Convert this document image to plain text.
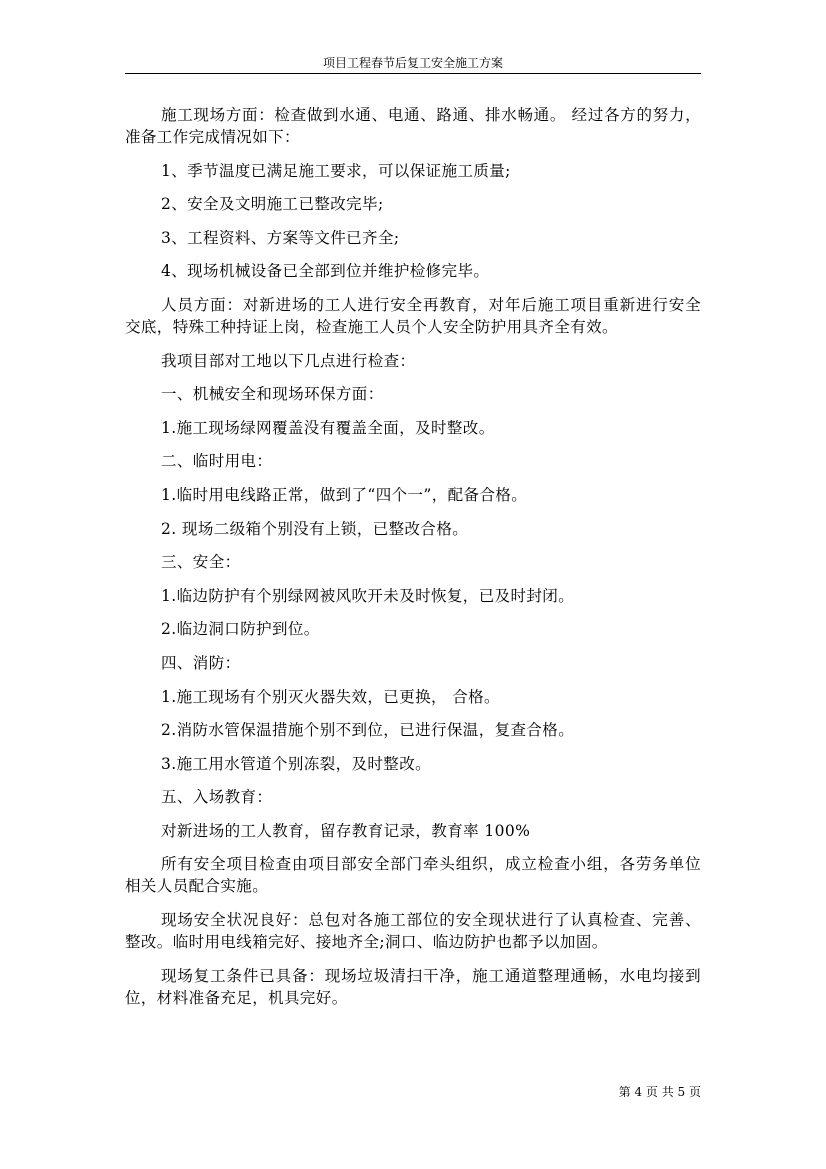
项目工程春节后复工安全施工方案

施工现场方面：检查做到水通、电通、路通、排水畅通。 经过各方的努力，准备工作完成情况如下：

1、季节温度已满足施工要求，可以保证施工质量;

2、安全及文明施工已整改完毕;

3、工程资料、方案等文件已齐全;

4、现场机械设备已全部到位并维护检修完毕。

人员方面：对新进场的工人进行安全再教育，对年后施工项目重新进行安全交底，特殊工种持证上岗，检查施工人员个人安全防护用具齐全有效。

我项目部对工地以下几点进行检查：

一、机械安全和现场环保方面：

1.施工现场绿网覆盖没有覆盖全面，及时整改。

二、临时用电：

1.临时用电线路正常，做到了“四个一”，配备合格。

2. 现场二级箱个别没有上锁，已整改合格。

三、安全：

1.临边防护有个别绿网被风吹开未及时恢复，已及时封闭。

2.临边洞口防护到位。

四、消防：

1.施工现场有个别灭火器失效，已更换， 合格。

2.消防水管保温措施个别不到位，已进行保温，复查合格。

3.施工用水管道个别冻裂，及时整改。

五、入场教育：

对新进场的工人教育，留存教育记录，教育率 100%

所有安全项目检查由项目部安全部门牵头组织，成立检查小组，各劳务单位相关人员配合实施。

现场安全状况良好：总包对各施工部位的安全现状进行了认真检查、完善、整改。临时用电线箱完好、接地齐全;洞口、临边防护也都予以加固。

现场复工条件已具备：现场垃圾清扫干净，施工通道整理通畅，水电均接到位，材料准备充足，机具完好。

第 4 页 共 5 页
